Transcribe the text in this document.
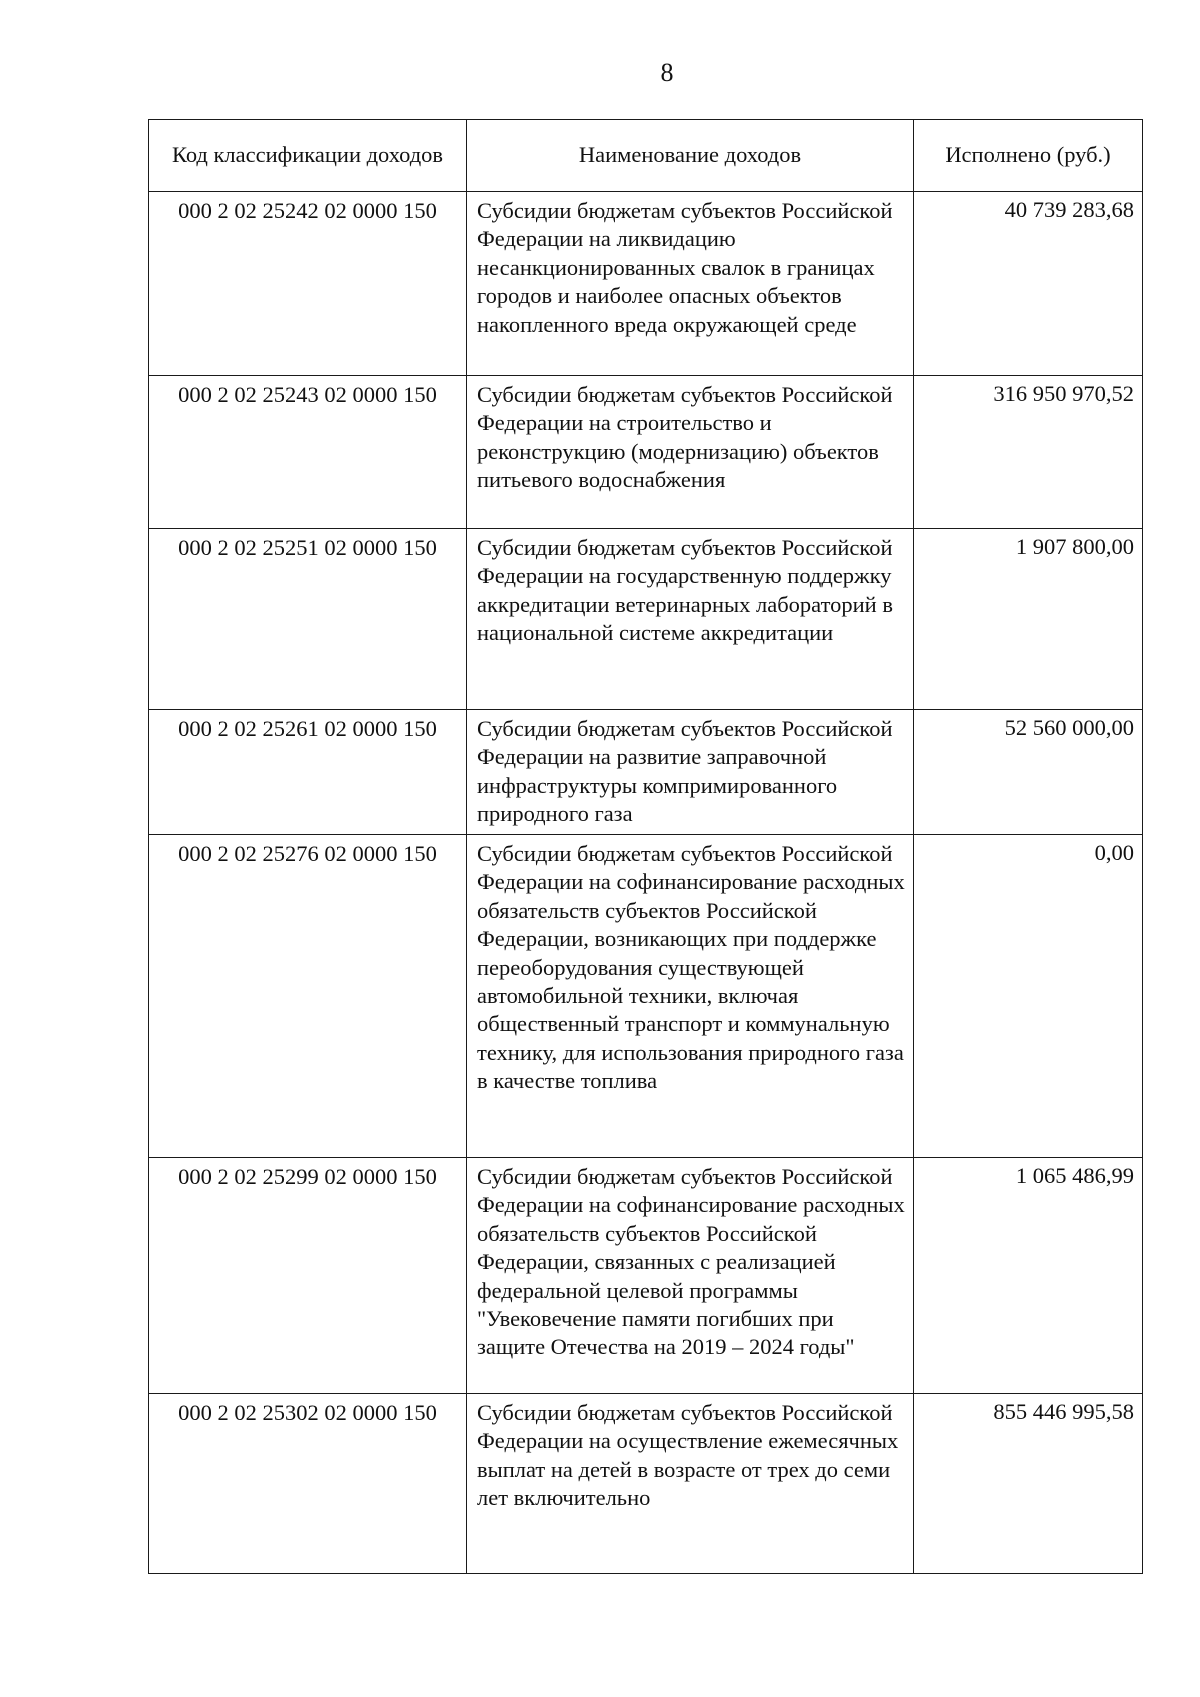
8
Код классификации доходов	Наименование доходов	Исполнено (руб.)
000 2 02 25242 02 0000 150	Субсидии бюджетам субъектов Российской Федерации на ликвидацию несанкционированных свалок в границах городов и наиболее опасных объектов накопленного вреда окружающей среде	40 739 283,68
000 2 02 25243 02 0000 150	Субсидии бюджетам субъектов Российской Федерации на строительство и реконструкцию (модернизацию) объектов питьевого водоснабжения	316 950 970,52
000 2 02 25251 02 0000 150	Субсидии бюджетам субъектов Российской Федерации на государственную поддержку аккредитации ветеринарных лабораторий в национальной системе аккредитации	1 907 800,00
000 2 02 25261 02 0000 150	Субсидии бюджетам субъектов Российской Федерации на развитие заправочной инфраструктуры компримированного природного газа	52 560 000,00
000 2 02 25276 02 0000 150	Субсидии бюджетам субъектов Российской Федерации на софинансирование расходных обязательств субъектов Российской Федерации, возникающих при поддержке переоборудования существующей автомобильной техники, включая общественный транспорт и коммунальную технику, для использования природного газа в качестве топлива	0,00
000 2 02 25299 02 0000 150	Субсидии бюджетам субъектов Российской Федерации на софинансирование расходных обязательств субъектов Российской Федерации, связанных с реализацией федеральной целевой программы "Увековечение памяти погибших при защите Отечества на 2019 – 2024 годы"	1 065 486,99
000 2 02 25302 02 0000 150	Субсидии бюджетам субъектов Российской Федерации на осуществление ежемесячных выплат на детей в возрасте от трех до семи лет включительно	855 446 995,58
